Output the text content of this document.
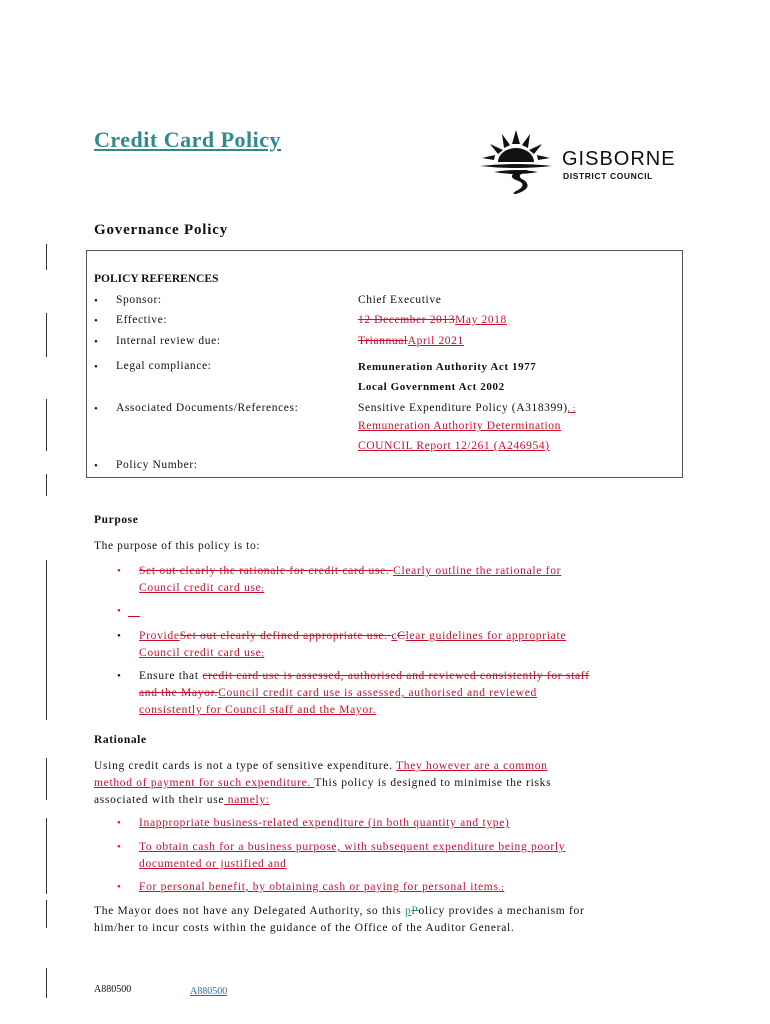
Credit Card Policy
GISBORNE
DISTRICT COUNCIL
Governance Policy
POLICY REFERENCES
• Sponsor:	Chief Executive
• Effective:	12 December 2013May 2018
• Internal review due:	TriannualApril 2021
• Legal compliance:	Remuneration Authority Act 1977
Local Government Act 2002
• Associated Documents/References:	Sensitive Expenditure Policy (A318399), ;
Remuneration Authority Determination
COUNCIL Report 12/261 (A246954)
• Policy Number:
Purpose
The purpose of this policy is to:
• Set out clearly the rationale for credit card use. Clearly outline the rationale for
Council credit card use;
•
• ProvideSet out clearly defined appropriate use. cClear guidelines for appropriate
Council credit card use;
• Ensure that credit card use is assessed, authorised and reviewed consistently for staff
and the Mayor.Council credit card use is assessed, authorised and reviewed
consistently for Council staff and the Mayor.
Rationale
Using credit cards is not a type of sensitive expenditure. They however are a common
method of payment for such expenditure. This policy is designed to minimise the risks
associated with their use namely:
• Inappropriate business-related expenditure (in both quantity and type)
• To obtain cash for a business purpose, with subsequent expenditure being poorly
documented or justified and
• For personal benefit, by obtaining cash or paying for personal items.;
The Mayor does not have any Delegated Authority, so this pPolicy provides a mechanism for
him/her to incur costs within the guidance of the Office of the Auditor General.
A880500	A880500
